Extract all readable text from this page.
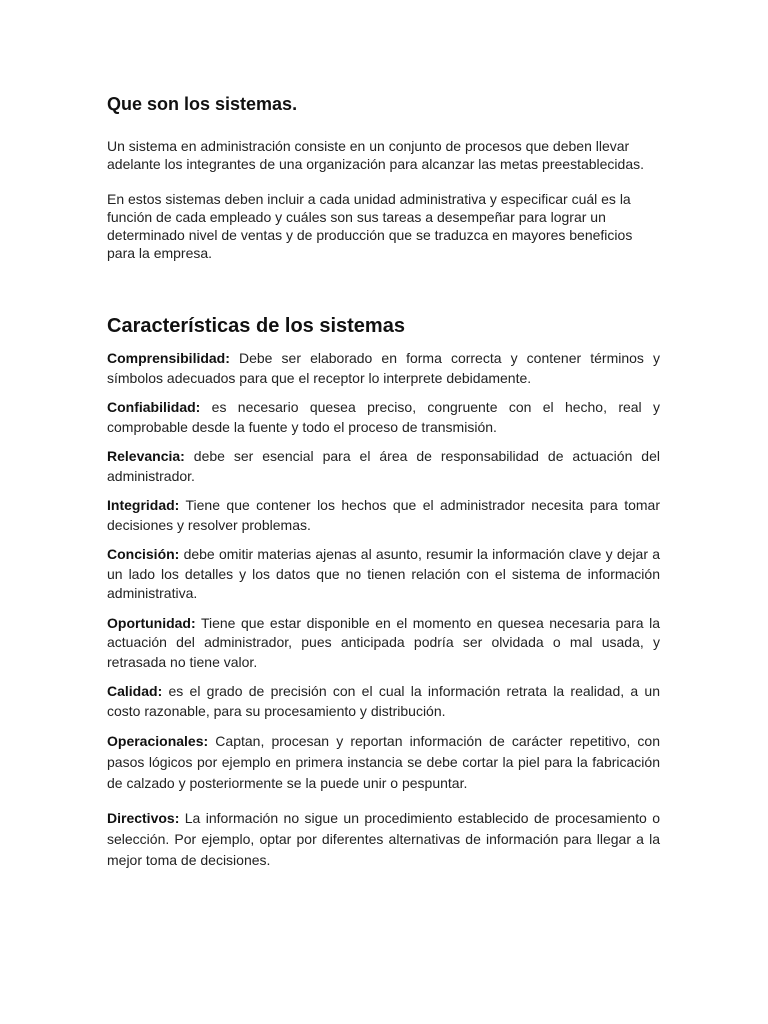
Que son los sistemas.

Un sistema en administración consiste en un conjunto de procesos que deben llevar adelante los integrantes de una organización para alcanzar las metas preestablecidas.

En estos sistemas deben incluir a cada unidad administrativa y especificar cuál es la función de cada empleado y cuáles son sus tareas a desempeñar para lograr un determinado nivel de ventas y de producción que se traduzca en mayores beneficios para la empresa.

Características de los sistemas

Comprensibilidad: Debe ser elaborado en forma correcta y contener términos y símbolos adecuados para que el receptor lo interprete debidamente.

Confiabilidad: es necesario quesea preciso, congruente con el hecho, real y comprobable desde la fuente y todo el proceso de transmisión.

Relevancia: debe ser esencial para el área de responsabilidad de actuación del administrador.

Integridad: Tiene que contener los hechos que el administrador necesita para tomar decisiones y resolver problemas.

Concisión: debe omitir materias ajenas al asunto, resumir la información clave y dejar a un lado los detalles y los datos que no tienen relación con el sistema de información administrativa.

Oportunidad: Tiene que estar disponible en el momento en quesea necesaria para la actuación del administrador, pues anticipada podría ser olvidada o mal usada, y retrasada no tiene valor.

Calidad: es el grado de precisión con el cual la información retrata la realidad, a un costo razonable, para su procesamiento y distribución.

Operacionales: Captan, procesan y reportan información de carácter repetitivo, con pasos lógicos por ejemplo en primera instancia se debe cortar la piel para la fabricación de calzado y posteriormente se la puede unir o pespuntar.

Directivos: La información no sigue un procedimiento establecido de procesamiento o selección. Por ejemplo, optar por diferentes alternativas de información para llegar a la mejor toma de decisiones.
